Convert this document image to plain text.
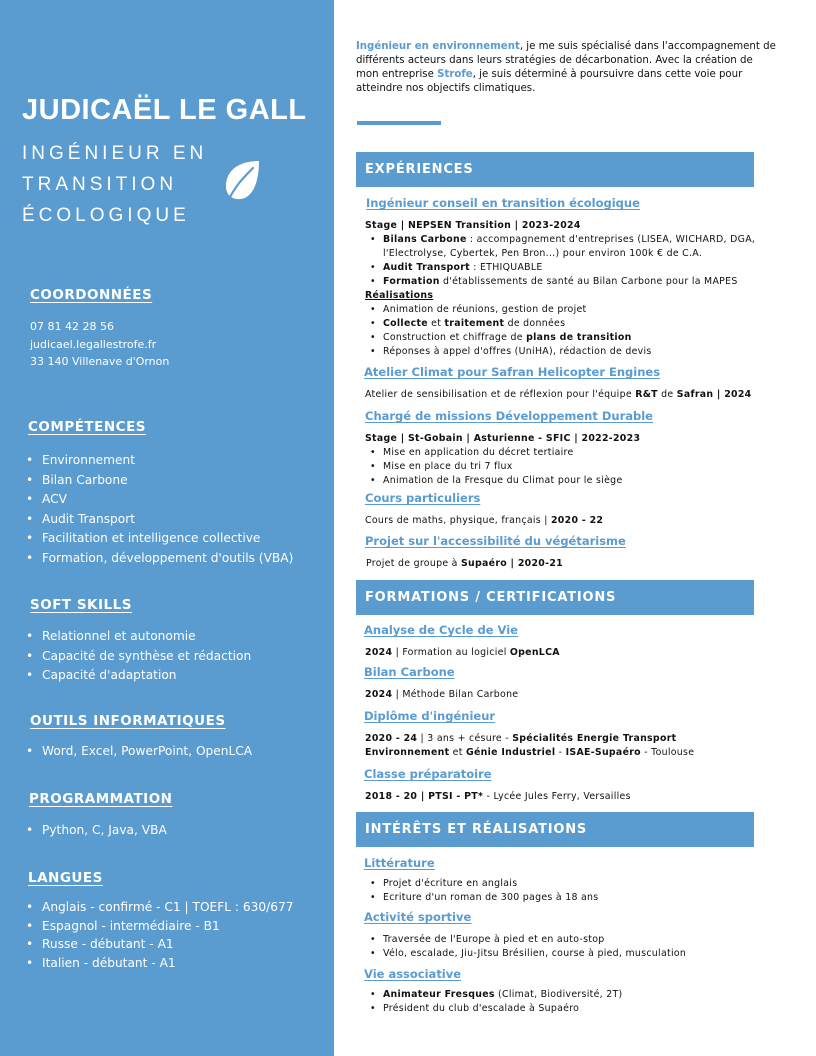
JUDICAËL LE GALL
INGÉNIEUR EN
TRANSITION
ÉCOLOGIQUE
COORDONNÉES
07 81 42 28 56
judicael.legallestrofe.fr
33 140 Villenave d'Ornon
COMPÉTENCES
• Environnement
• Bilan Carbone
• ACV
• Audit Transport
• Facilitation et intelligence collective
• Formation, développement d'outils (VBA)
SOFT SKILLS
• Relationnel et autonomie
• Capacité de synthèse et rédaction
• Capacité d'adaptation
OUTILS INFORMATIQUES
• Word, Excel, PowerPoint, OpenLCA
PROGRAMMATION
• Python, C, Java, VBA
LANGUES
• Anglais - confirmé - C1 | TOEFL : 630/677
• Espagnol - intermédiaire - B1
• Russe - débutant - A1
• Italien - débutant - A1
Ingénieur en environnement, je me suis spécialisé dans l'accompagnement de différents acteurs dans leurs stratégies de décarbonation. Avec la création de mon entreprise Strofe, je suis déterminé à poursuivre dans cette voie pour atteindre nos objectifs climatiques.
EXPÉRIENCES
Ingénieur conseil en transition écologique
Stage | NEPSEN Transition | 2023-2024
• Bilans Carbone : accompagnement d'entreprises (LISEA, WICHARD, DGA,
l'Electrolyse, Cybertek, Pen Bron...) pour environ 100k € de C.A.
• Audit Transport : ETHIQUABLE
• Formation d'établissements de santé au Bilan Carbone pour la MAPES
Réalisations
• Animation de réunions, gestion de projet
• Collecte et traitement de données
• Construction et chiffrage de plans de transition
• Réponses à appel d'offres (UniHA), rédaction de devis
Atelier Climat pour Safran Helicopter Engines
Atelier de sensibilisation et de réflexion pour l'équipe R&T de Safran | 2024
Chargé de missions Développement Durable
Stage | St-Gobain | Asturienne - SFIC | 2022-2023
• Mise en application du décret tertiaire
• Mise en place du tri 7 flux
• Animation de la Fresque du Climat pour le siège
Cours particuliers
Cours de maths, physique, français | 2020 - 22
Projet sur l'accessibilité du végétarisme
Projet de groupe à Supaéro | 2020-21
FORMATIONS / CERTIFICATIONS
Analyse de Cycle de Vie
2024 | Formation au logiciel OpenLCA
Bilan Carbone
2024 | Méthode Bilan Carbone
Diplôme d'ingénieur
2020 - 24 | 3 ans + césure - Spécialités Energie Transport
Environnement et Génie Industriel - ISAE-Supaéro - Toulouse
Classe préparatoire
2018 - 20 | PTSI - PT* - Lycée Jules Ferry, Versailles
INTÉRÊTS ET RÉALISATIONS
Littérature
• Projet d'écriture en anglais
• Ecriture d'un roman de 300 pages à 18 ans
Activité sportive
• Traversée de l'Europe à pied et en auto-stop
• Vélo, escalade, Jiu-Jitsu Brésilien, course à pied, musculation
Vie associative
• Animateur Fresques (Climat, Biodiversité, 2T)
• Président du club d'escalade à Supaéro
